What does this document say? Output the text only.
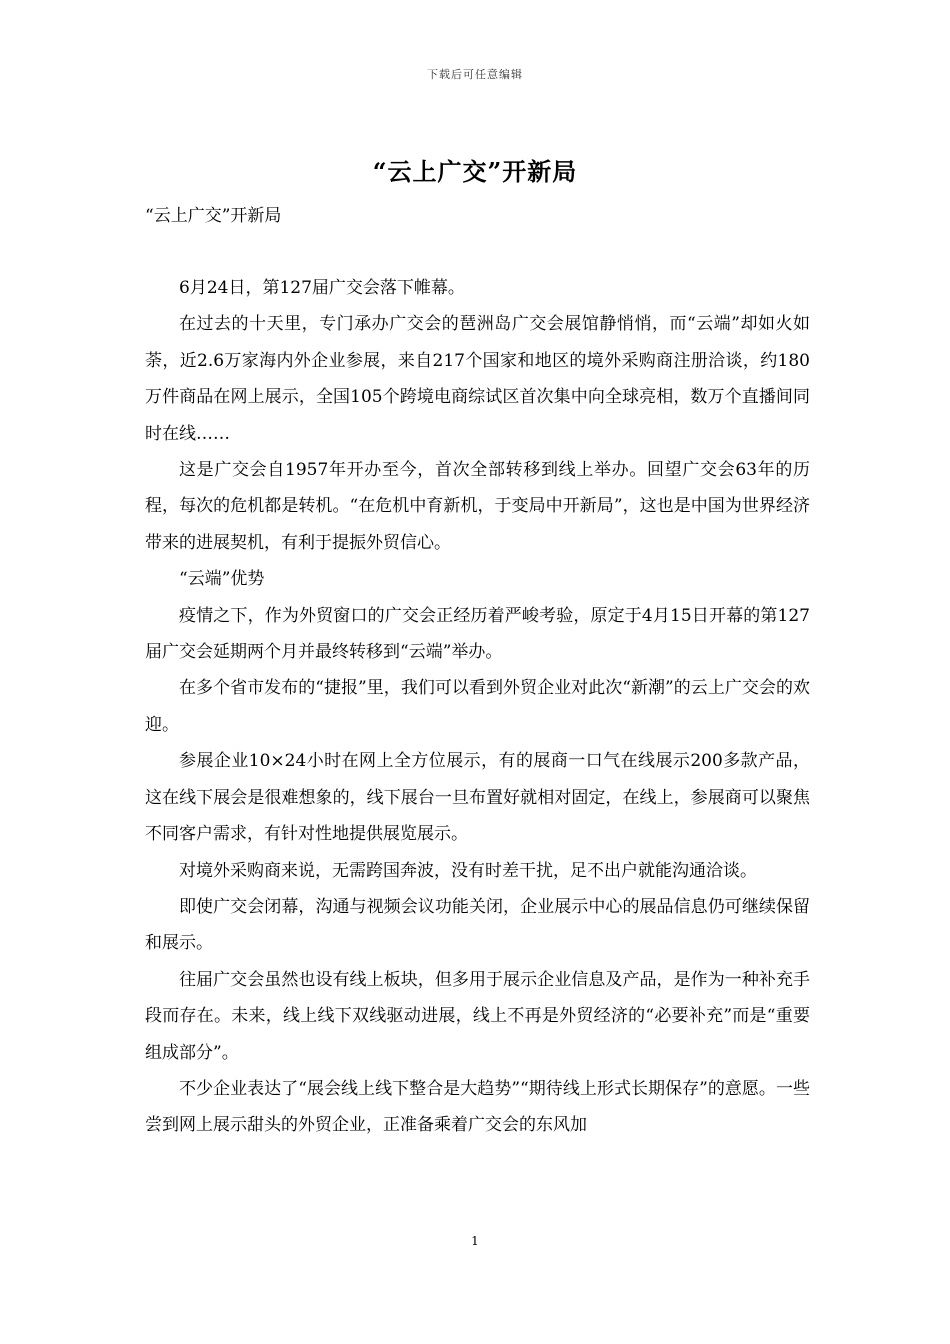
下载后可任意编辑
“云上广交”开新局
“云上广交”开新局

6月24日，第127届广交会落下帷幕。

在过去的十天里，专门承办广交会的琶洲岛广交会展馆静悄悄，而“云端”却如火如荼，近2.6万家海内外企业参展，来自217个国家和地区的境外采购商注册洽谈，约180万件商品在网上展示，全国105个跨境电商综试区首次集中向全球亮相，数万个直播间同时在线……

这是广交会自1957年开办至今，首次全部转移到线上举办。回望广交会63年的历程，每次的危机都是转机。“在危机中育新机，于变局中开新局”，这也是中国为世界经济带来的进展契机，有利于提振外贸信心。

“云端”优势

疫情之下，作为外贸窗口的广交会正经历着严峻考验，原定于4月15日开幕的第127届广交会延期两个月并最终转移到“云端”举办。

在多个省市发布的“捷报”里，我们可以看到外贸企业对此次“新潮”的云上广交会的欢迎。

参展企业10×24小时在网上全方位展示，有的展商一口气在线展示200多款产品，这在线下展会是很难想象的，线下展台一旦布置好就相对固定，在线上，参展商可以聚焦不同客户需求，有针对性地提供展览展示。

对境外采购商来说，无需跨国奔波，没有时差干扰，足不出户就能沟通洽谈。

即使广交会闭幕，沟通与视频会议功能关闭，企业展示中心的展品信息仍可继续保留和展示。

往届广交会虽然也设有线上板块，但多用于展示企业信息及产品，是作为一种补充手段而存在。未来，线上线下双线驱动进展，线上不再是外贸经济的“必要补充”而是“重要组成部分”。

不少企业表达了“展会线上线下整合是大趋势”“期待线上形式长期保存”的意愿。一些尝到网上展示甜头的外贸企业，正准备乘着广交会的东风加

1
